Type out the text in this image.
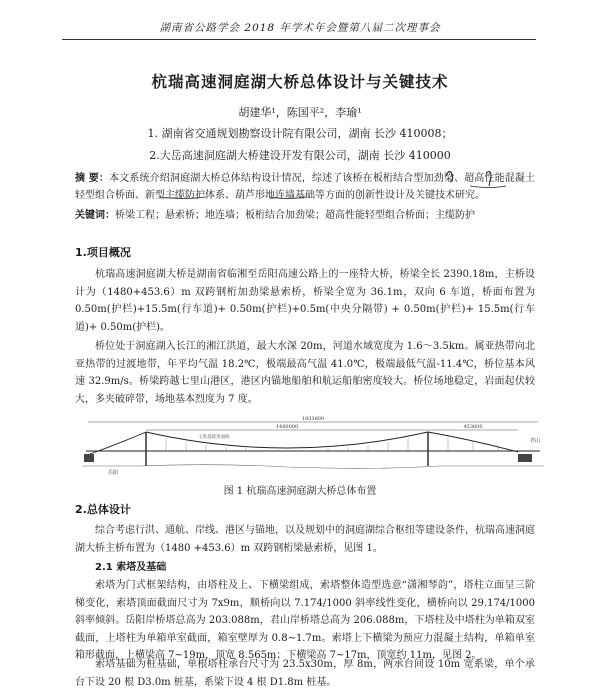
湖南省公路学会 2018 年学术年会暨第八届二次理事会
杭瑞高速洞庭湖大桥总体设计与关键技术
胡建华¹，陈国平²，李瑜¹
1. 湖南省交通规划勘察设计院有限公司，湖南 长沙 410008；
2.大岳高速洞庭湖大桥建设开发有限公司，湖南 长沙 410000
摘 要：本文系统介绍洞庭湖大桥总体结构设计情况，综述了该桥在板桁结合型加劲梁、超高性能混凝土轻型组合桥面、新型主缆防护体系、葫芦形地连墙基础等方面的创新性设计及关键技术研究。
关键词：桥梁工程；悬索桥；地连墙；板桁结合加劲梁；超高性能轻型组合桥面；主缆防护
1.项目概况
杭瑞高速洞庭湖大桥是湖南省临湘至岳阳高速公路上的一座特大桥，桥梁全长 2390.18m，主桥设计为（1480+453.6）m 双跨钢桁加劲梁悬索桥，桥梁全宽为 36.1m，双向 6 车道，桥面布置为 0.50m(护栏)+15.5m(行车道)+ 0.50m(护栏)+0.5m(中央分隔带) + 0.50m(护栏)+ 15.5m(行车道)+ 0.50m(护栏)。
桥位处于洞庭湖入长江的湘江洪道，最大水深 20m，河道水域宽度为 1.6～3.5km。属亚热带向北亚热带的过渡地带，年平均气温 18.2℃，极端最高气温 41.0℃，极端最低气温-11.4℃，桥位基本风速 32.9m/s。桥梁跨越七里山港区，港区内锚地船舶和航运船舶密度较大。桥位场地稳定，岩面起伏较大，多夹破碎带，场地基本烈度为 7 度。
1933600
1480000	453600
主塔基础顶面线
岳阳
君山
图 1 杭瑞高速洞庭湖大桥总体布置
2.总体设计
综合考虑行洪、通航、岸线、港区与锚地，以及规划中的洞庭湖综合枢纽等建设条件，杭瑞高速洞庭湖大桥主桥布置为（1480 +453.6）m 双跨钢桁梁悬索桥，见图 1。
2.1 索塔及基础
索塔为门式框架结构，由塔柱及上、下横梁组成，索塔整体造型选意“潇湘琴韵”，塔柱立面呈三阶梯变化，索塔顶面截面尺寸为 7x9m，顺桥向以 7.174/1000 斜率线性变化，横桥向以 29.174/1000 斜率倾斜。岳阳岸桥塔总高为 203.088m，君山岸桥塔总高为 206.088m，下塔柱及中塔柱为单箱双室截面，上塔柱为单箱单室截面，箱室壁厚为 0.8~1.7m。索塔上下横梁为预应力混凝土结构，单箱单室箱形截面，上横梁高 7~19m，顶宽 8.565m；下横梁高 7~17m，顶宽约 11m，见图 2。
索塔基础为桩基础，单根塔柱承台尺寸为 23.5x30m，厚 8m，两承台间设 10m 宽系梁，单个承台下设 20 根 D3.0m 桩基，系梁下设 4 根 D1.8m 桩基。
